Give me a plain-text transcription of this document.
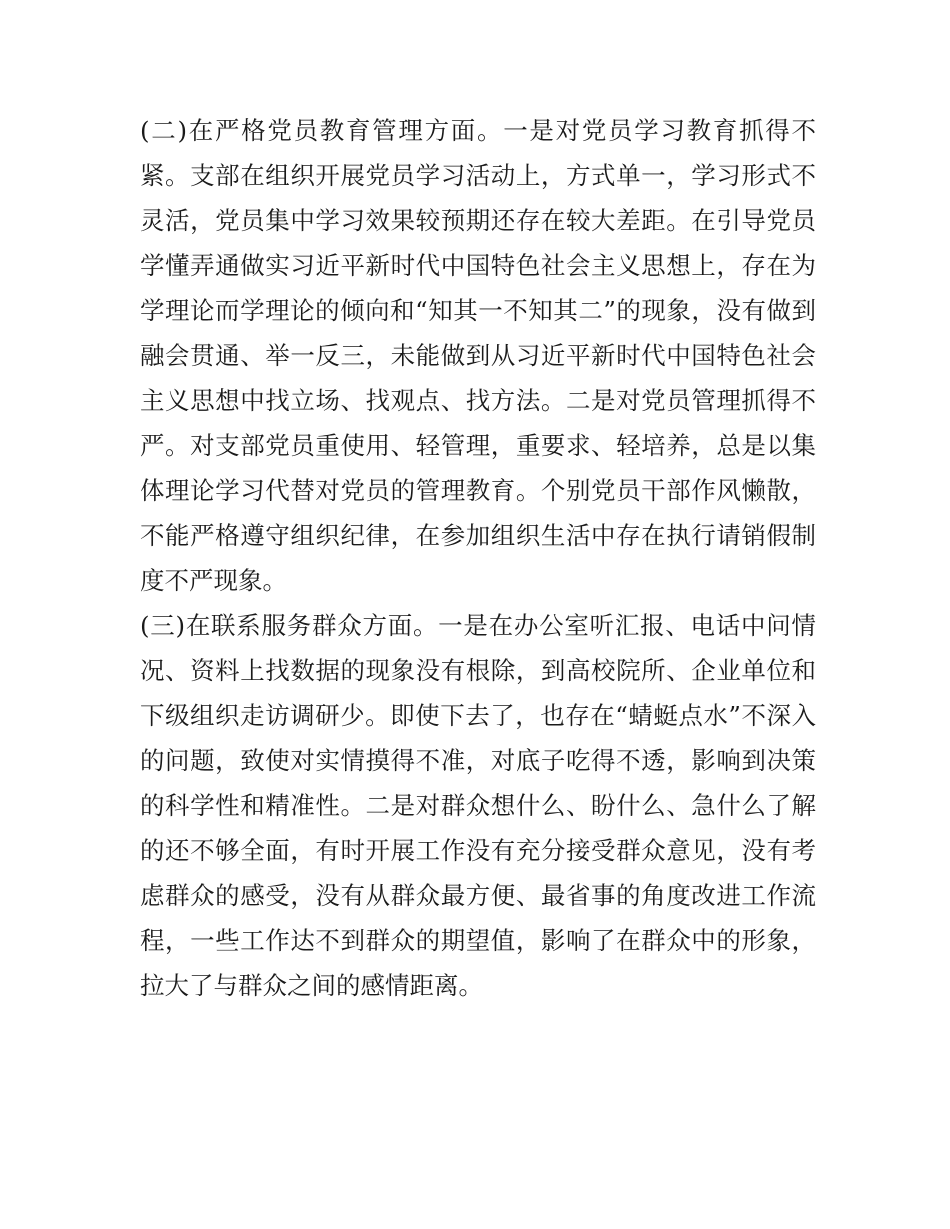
(二)在严格党员教育管理方面。一是对党员学习教育抓得不
紧。支部在组织开展党员学习活动上，方式单一，学习形式不
灵活，党员集中学习效果较预期还存在较大差距。在引导党员
学懂弄通做实习近平新时代中国特色社会主义思想上，存在为
学理论而学理论的倾向和“知其一不知其二”的现象，没有做到
融会贯通、举一反三，未能做到从习近平新时代中国特色社会
主义思想中找立场、找观点、找方法。二是对党员管理抓得不
严。对支部党员重使用、轻管理，重要求、轻培养，总是以集
体理论学习代替对党员的管理教育。个别党员干部作风懒散，
不能严格遵守组织纪律，在参加组织生活中存在执行请销假制
度不严现象。
(三)在联系服务群众方面。一是在办公室听汇报、电话中问情
况、资料上找数据的现象没有根除，到高校院所、企业单位和
下级组织走访调研少。即使下去了，也存在“蜻蜓点水”不深入
的问题，致使对实情摸得不准，对底子吃得不透，影响到决策
的科学性和精准性。二是对群众想什么、盼什么、急什么了解
的还不够全面，有时开展工作没有充分接受群众意见，没有考
虑群众的感受，没有从群众最方便、最省事的角度改进工作流
程，一些工作达不到群众的期望值，影响了在群众中的形象，
拉大了与群众之间的感情距离。
